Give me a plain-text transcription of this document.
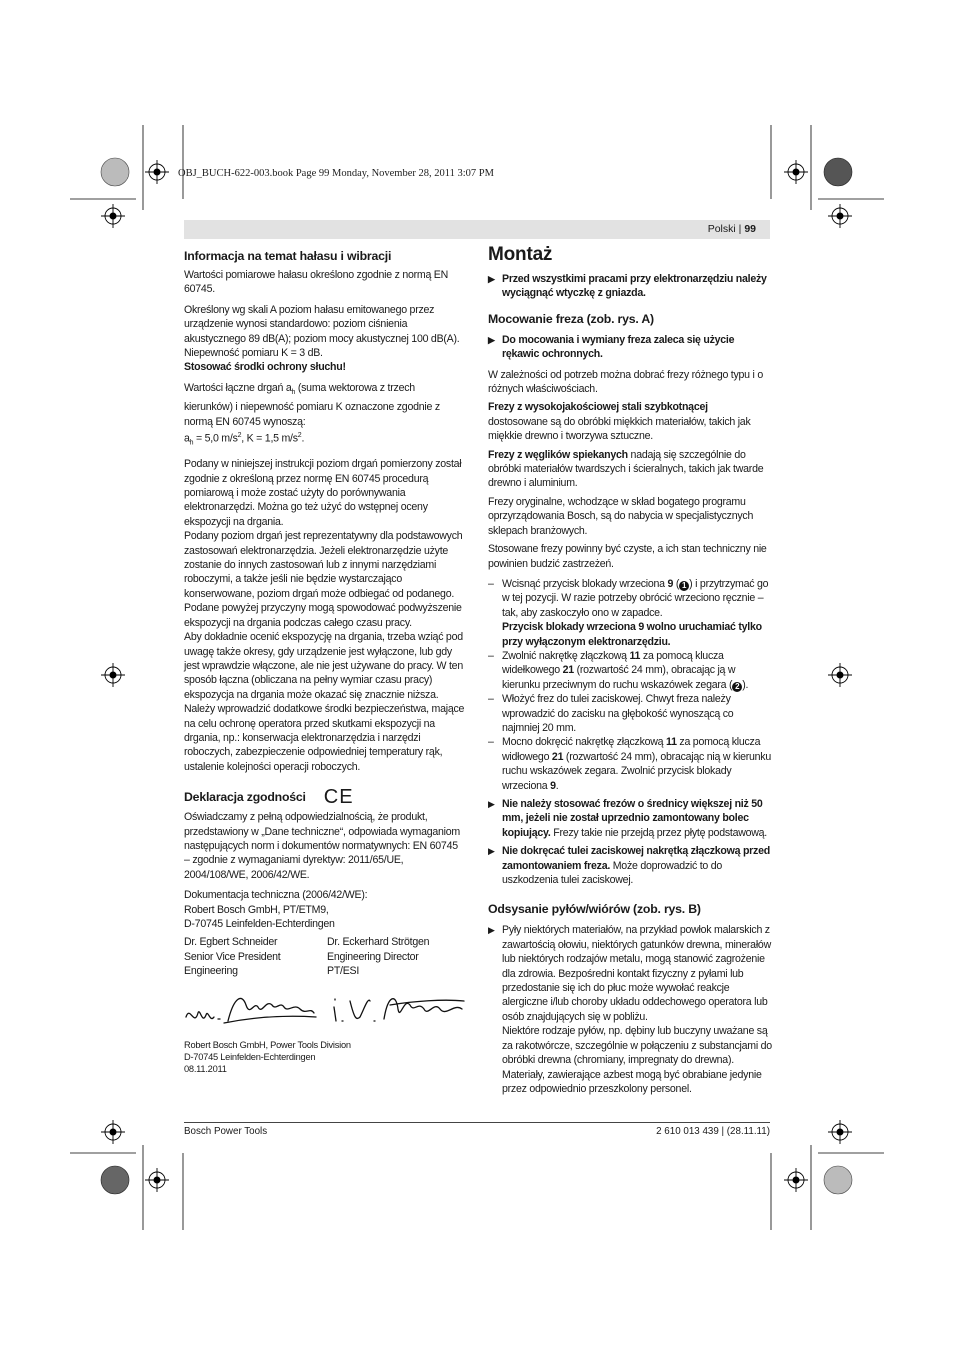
OBJ_BUCH-622-003.book Page 99 Monday, November 28, 2011 3:07 PM
Polski | 99
Informacja na temat hałasu i wibracji

Wartości pomiarowe hałasu określono zgodnie z normą EN 60745.

Określony wg skali A poziom hałasu emitowanego przez urządzenie wynosi standardowo: poziom ciśnienia akustycznego 89 dB(A); poziom mocy akustycznej 100 dB(A). Niepewność pomiaru K = 3 dB.

Stosować środki ochrony słuchu!

Wartości łączne drgań $a_h$ (suma wektorowa z trzech kierunków) i niepewność pomiaru K oznaczone zgodnie z normą EN 60745 wynoszą:

$a_h = 5,0$ $m/s^2$, K = 1,5 $m/s^2$.

Podany w niniejszej instrukcji poziom drgań pomierzony został zgodnie z określoną przez normę EN 60745 procedurą pomiarową i może zostać użyty do porównywania elektronarzędzi. Można go też użyć do wstępnej oceny ekspozycji na drgania.

Podany poziom drgań jest reprezentatywny dla podstawowych zastosowań elektronarzędzia. Jeżeli elektronarzędzie użyte zostanie do innych zastosowań lub z innymi narzędziami roboczymi, a także jeśli nie będzie wystarczająco konserwowane, poziom drgań może odbiegać od podanego. Podane powyżej przyczyny mogą spowodować podwyższenie ekspozycji na drgania podczas całego czasu pracy.

Aby dokładnie ocenić ekspozycję na drgania, trzeba wziąć pod uwagę także okresy, gdy urządzenie jest wyłączone, lub gdy jest wprawdzie włączone, ale nie jest używane do pracy. W ten sposób łączna (obliczana na pełny wymiar czasu pracy) ekspozycja na drgania może okazać się znacznie niższa.

Należy wprowadzić dodatkowe środki bezpieczeństwa, mające na celu ochronę operatora przed skutkami ekspozycji na drgania, np.: konserwacja elektronarzędzia i narzędzi roboczych, zabezpieczenie odpowiedniej temperatury rąk, ustalenie kolejności operacji roboczych.

Deklaracja zgodności CE

Oświadczamy z pełną odpowiedzialnością, że produkt, przedstawiony w „Dane techniczne“, odpowiada wymaganiom następujących norm i dokumentów normatywnych: EN 60745 – zgodnie z wymaganiami dyrektyw: 2011/65/UE, 2004/108/WE, 2006/42/WE.

Dokumentacja techniczna (2006/42/WE):

Robert Bosch GmbH, PT/ETM9,

D-70745 Leinfelden-Echterdingen

Dr. Egbert Schneider

Senior Vice President

Engineering

Dr. Eckerhard Strötgen

Engineering Director

PT/ESI

Robert Bosch GmbH, Power Tools Division

D-70745 Leinfelden-Echterdingen

08.11.2011

Montaż
▶ Przed wszystkimi pracami przy elektronarzędziu należy wyciągnąć wtyczkę z gniazda.
Mocowanie freza (zob. rys. A)
▶ Do mocowania i wymiany freza zaleca się użycie rękawic ochronnych.

W zależności od potrzeb można dobrać frezy różnego typu i o różnych właściwościach.

Frezy z wysokojakościowej stali szybkotnącej

dostosowane są do obróbki miękkich materiałów, takich jak miękkie drewno i tworzywa sztuczne.

Frezy z węglików spiekanych nadają się szczególnie do obróbki materiałów twardszych i ścieralnych, takich jak twarde drewno i aluminium.

Frezy oryginalne, wchodzące w skład bogatego programu oprzyrządowania Bosch, są do nabycia w specjalistycznych sklepach branżowych.

Stosowane frezy powinny być czyste, a ich stan techniczny nie powinien budzić zastrzeżeń.

– Wcisnąć przycisk blokady wrzeciona 9 ( 1 ) i przytrzymać go w tej pozycji. W razie potrzeby obrócić wrzeciono ręcznie – tak, aby zaskoczyło ono w zapadce.
Przycisk blokady wrzeciona 9 wolno uruchamiać tylko przy wyłączonym elektronarzędziu.
– Zwolnić nakrętkę złączkową 11 za pomocą klucza widełkowego 21 (rozwartość 24 mm), obracając ją w kierunku przeciwnym do ruchu wskazówek zegara ( 2 ).
– Włożyć frez do tulei zaciskowej. Chwyt freza należy wprowadzić do zacisku na głębokość wynoszącą co najmniej 20 mm.
– Mocno dokręcić nakrętkę złączkową 11 za pomocą klucza widłowego 21 (rozwartość 24 mm), obracając nią w kierunku ruchu wskazówek zegara. Zwolnić przycisk blokady wrzeciona 9.
▶ Nie należy stosować frezów o średnicy większej niż 50 mm, jeżeli nie został uprzednio zamontowany bolec kopiujący. Frezy takie nie przejdą przez płytę podstawową.
▶ Nie dokręcać tulei zaciskowej nakrętką złączkową przed zamontowaniem freza. Może doprowadzić to do uszkodzenia tulei zaciskowej.
Odsysanie pyłów/wiórów (zob. rys. B)
▶ Pyły niektórych materiałów, na przykład powłok malarskich z zawartością ołowiu, niektórych gatunków drewna, minerałów lub niektórych rodzajów metalu, mogą stanowić zagrożenie dla zdrowia. Bezpośredni kontakt fizyczny z pyłami lub przedostanie się ich do płuc może wywołać reakcje alergiczne i/lub choroby układu oddechowego operatora lub osób znajdujących się w pobliżu.

Niektóre rodzaje pyłów, np. dębiny lub buczyny uważane są za rakotwórcze, szczególnie w połączeniu z substancjami do obróbki drewna (chromiany, impregnaty do drewna). Materiały, zawierające azbest mogą być obrabiane jedynie przez odpowiednio przeszkolony personel.

Bosch Power Tools	2 610 013 439 | (28.11.11)
